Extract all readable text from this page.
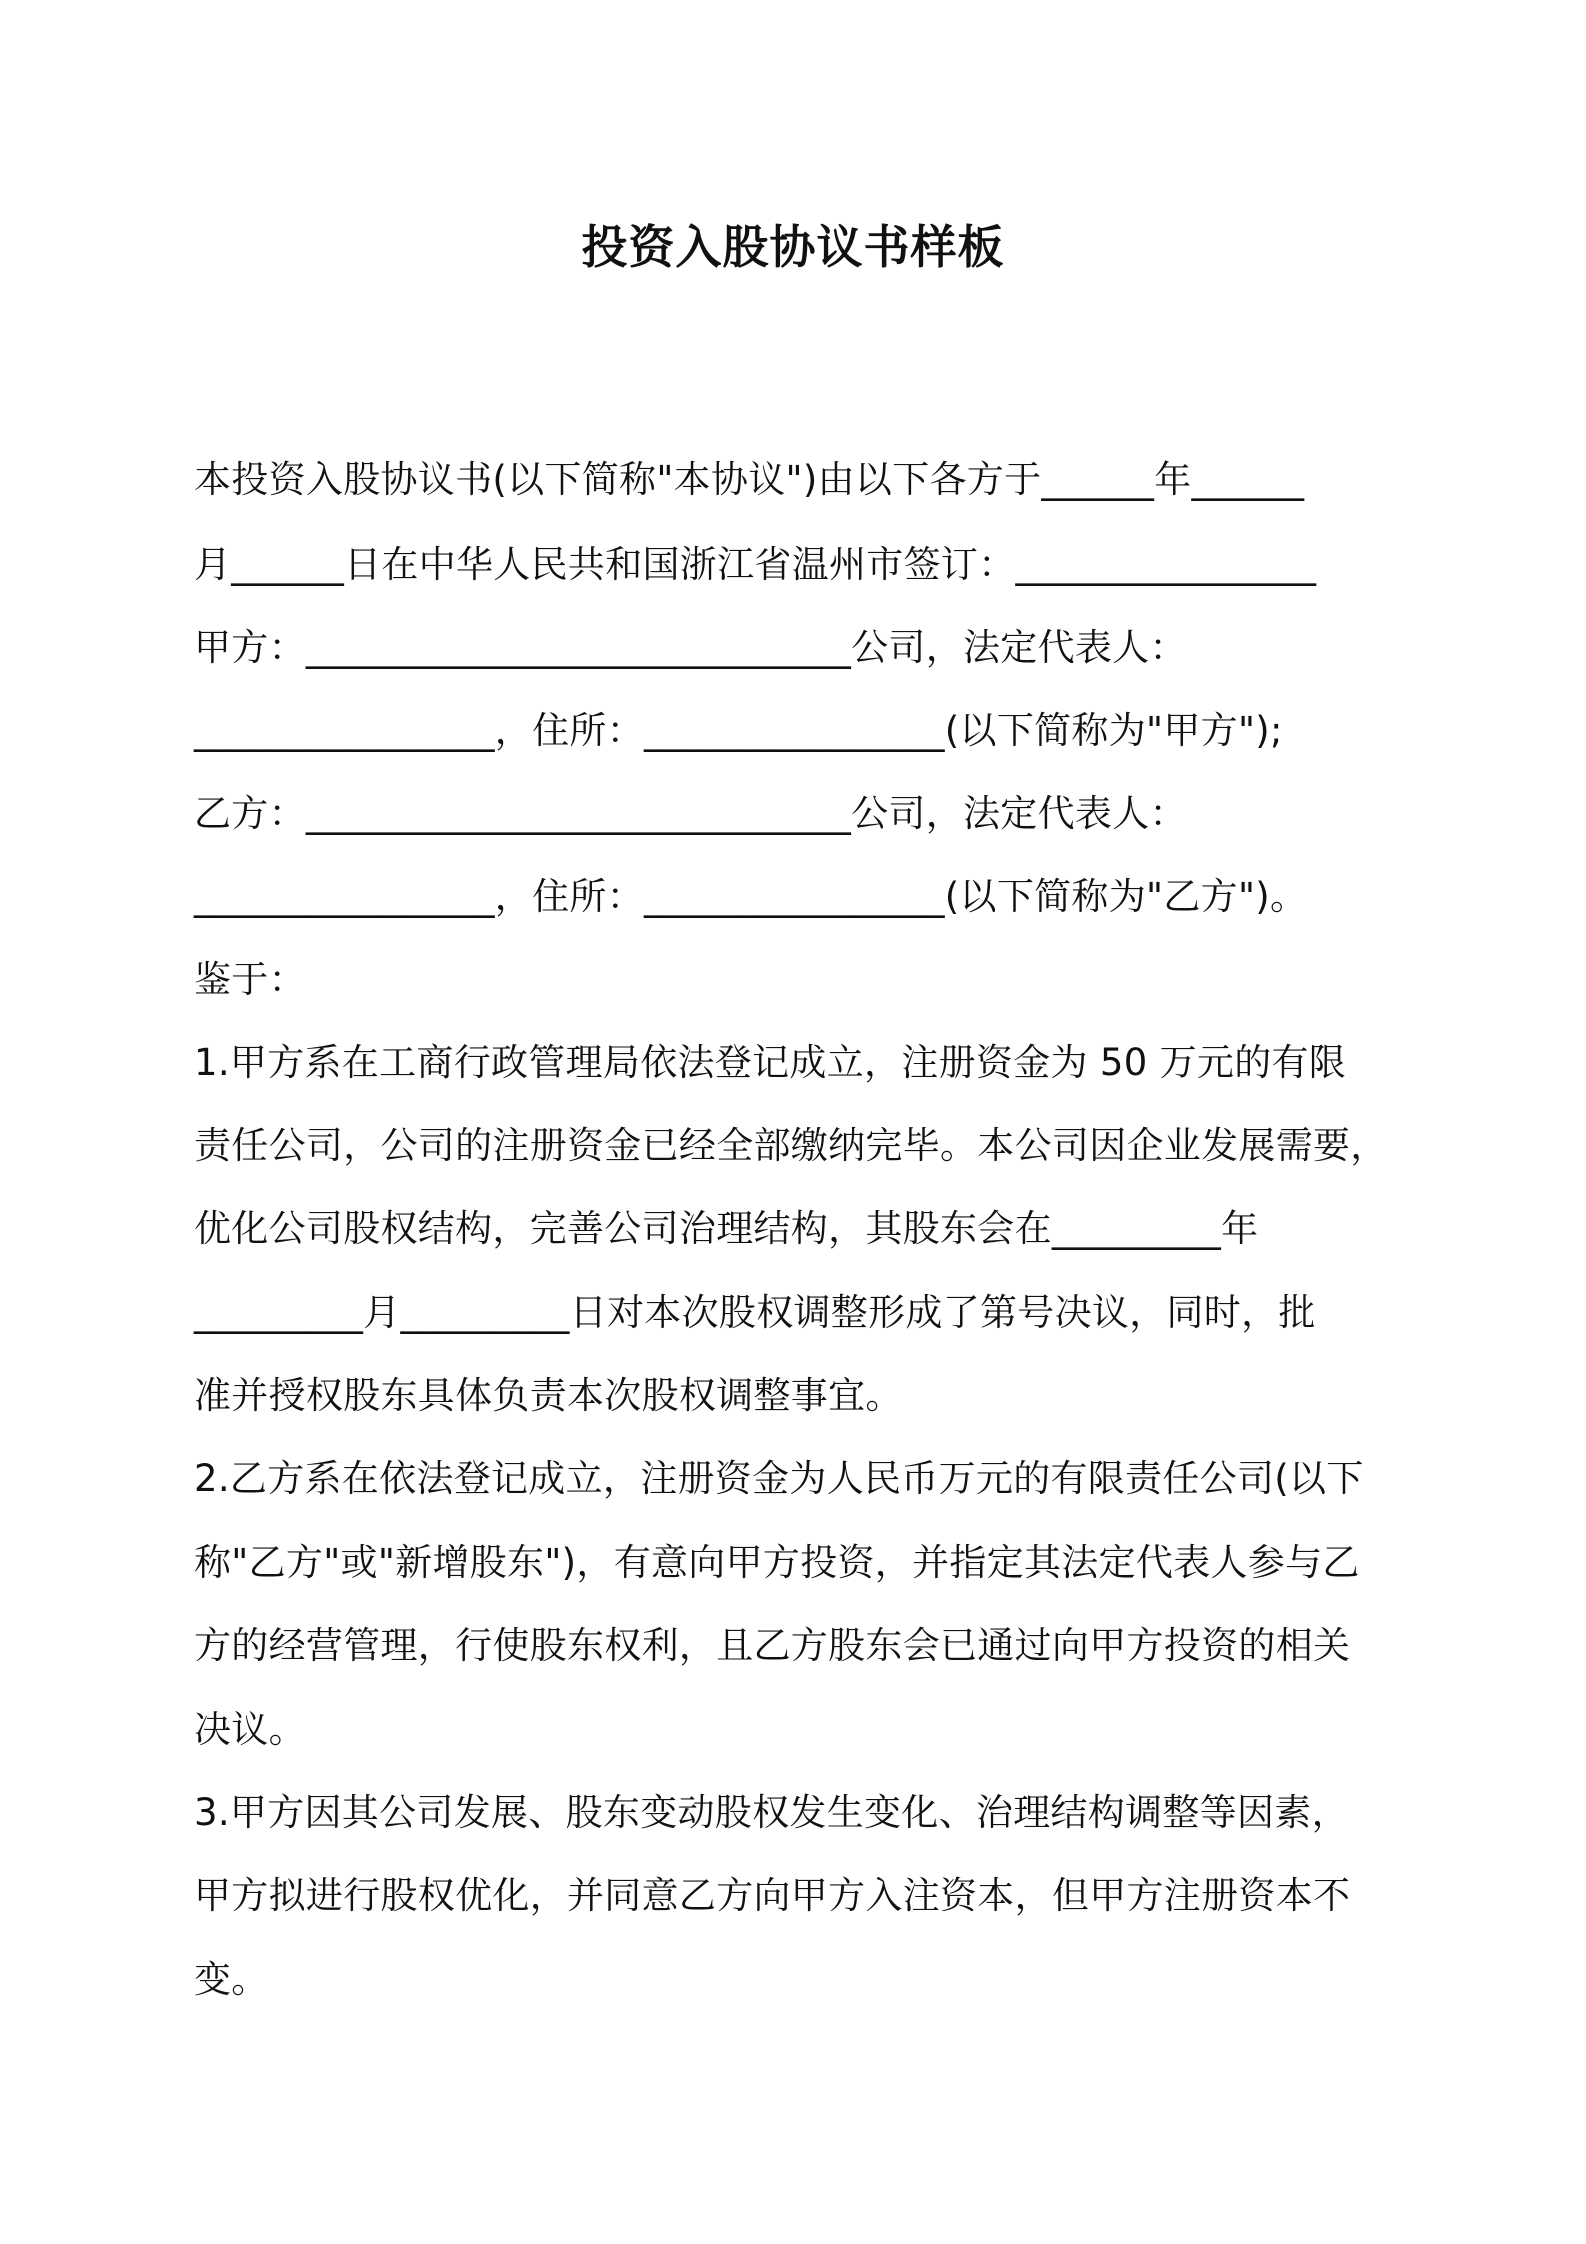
投资入股协议书样板
本投资入股协议书(以下简称"本协议")由以下各方于______年______
月______日在中华人民共和国浙江省温州市签订：________________
甲方：_____________________________公司，法定代表人：
________________，住所：________________(以下简称为"甲方");
乙方：_____________________________公司，法定代表人：
________________，住所：________________(以下简称为"乙方")。
鉴于：
1.甲方系在工商行政管理局依法登记成立，注册资金为 50 万元的有限
责任公司，公司的注册资金已经全部缴纳完毕。本公司因企业发展需要，
优化公司股权结构，完善公司治理结构，其股东会在_________年
_________月_________日对本次股权调整形成了第号决议，同时，批
准并授权股东具体负责本次股权调整事宜。
2.乙方系在依法登记成立，注册资金为人民币万元的有限责任公司(以下
称"乙方"或"新增股东")，有意向甲方投资，并指定其法定代表人参与乙
方的经营管理，行使股东权利，且乙方股东会已通过向甲方投资的相关
决议。
3.甲方因其公司发展、股东变动股权发生变化、治理结构调整等因素，
甲方拟进行股权优化，并同意乙方向甲方入注资本，但甲方注册资本不
变。
